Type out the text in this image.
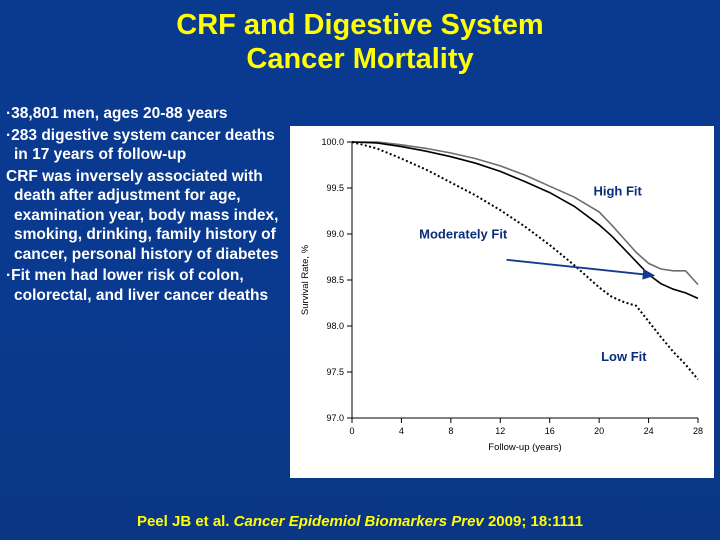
CRF and Digestive System
Cancer Mortality
·38,801 men, ages 20-88 years
·283 digestive system cancer deaths in 17 years of follow-up
CRF was inversely associated with death after adjustment for age, examination year, body mass index, smoking, drinking, family history of cancer, personal history of diabetes
·Fit men had lower risk of colon, colorectal, and liver cancer deaths
0	4	8	12	16	20	24	28
97.0
97.5
98.0
98.5
99.0
99.5
100.0
Follow-up (years)
Survival Rate, %
High Fit
Moderately Fit
Low Fit
Peel JB et al. Cancer Epidemiol Biomarkers Prev 2009; 18:1111
